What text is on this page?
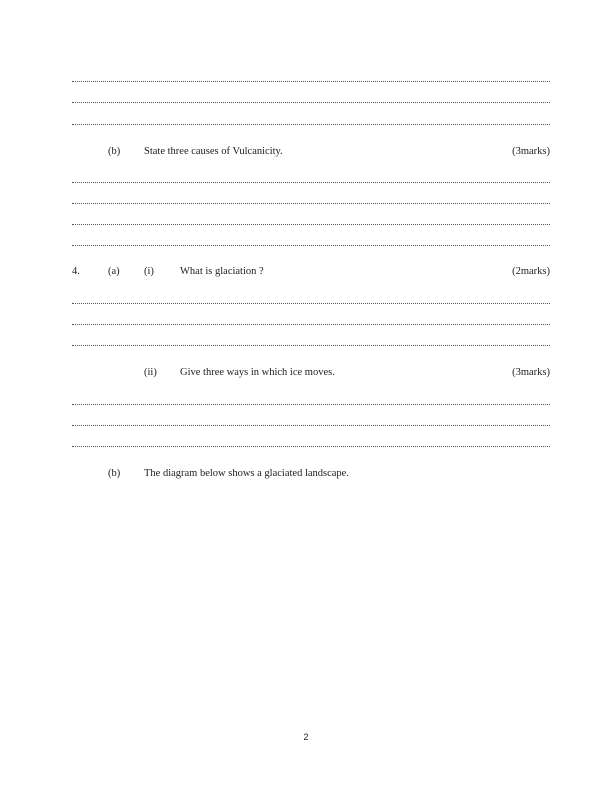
(b) State three causes of Vulcanicity.	(3marks)
4.	(a) (i) What is glaciation ?	(2marks)
(ii) Give three ways in which ice moves.	(3marks)
(b) The diagram below shows a glaciated landscape.
2
